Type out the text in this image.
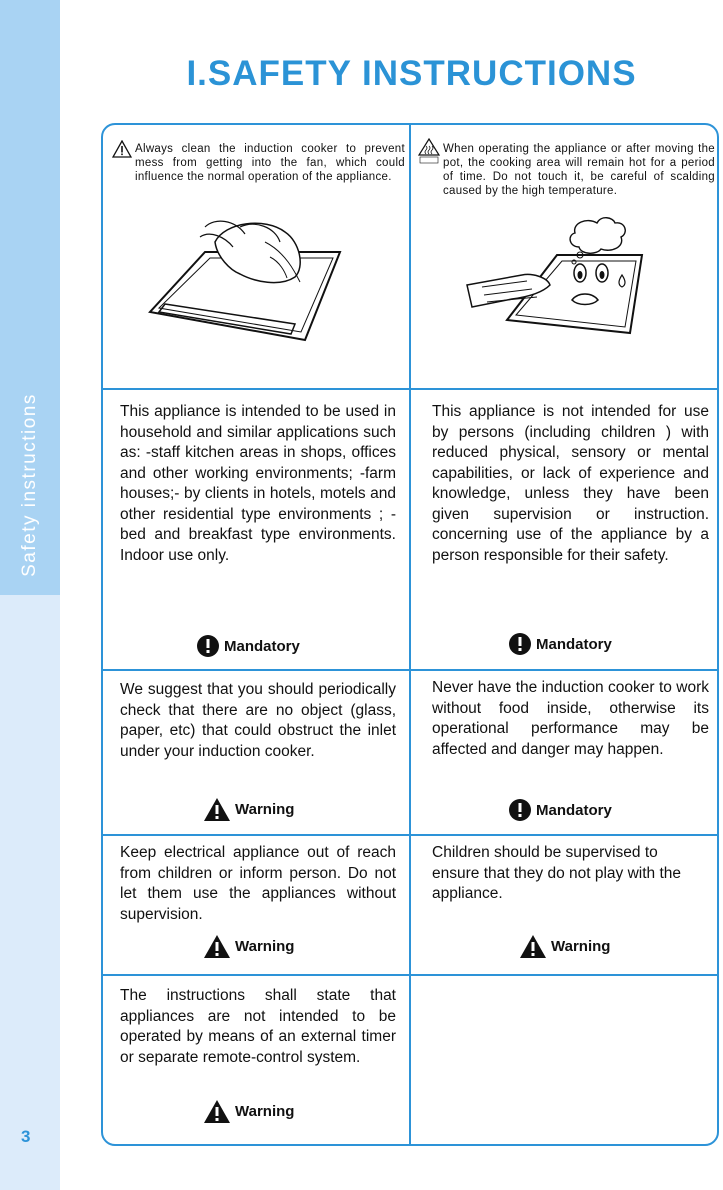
Safety instructions
3
I.SAFETY INSTRUCTIONS
Always clean the induction cooker to prevent mess from getting into the fan, which could influence the normal operation of the appliance.
When operating the appliance or after moving the pot, the cooking area will remain hot for a period of time. Do not touch it, be careful of scalding caused by the high temperature.
This appliance is intended to be used in household and similar applications such as: -staff kitchen areas in shops, offices and other working environments; -farm houses;- by clients in hotels, motels and other residential type environments ; -bed and breakfast type environments. Indoor use only.
Mandatory
This appliance is not intended for use by persons (including children ) with reduced physical, sensory or mental capabilities, or lack of experience and knowledge, unless they have been given supervision or instruction. concerning use of the appliance by a person responsible for their safety.
Mandatory
We suggest that you should periodically check that there are no object (glass, paper, etc) that could obstruct the inlet under your induction cooker.
Warning
Never have the induction cooker to work without food inside, otherwise its operational performance may be affected and danger may happen.
Mandatory
Keep electrical appliance out of reach from children or inform person. Do not let them use the appliances without supervision.
Warning
Children should be supervised to ensure that they do not play with the appliance.
Warning
The instructions shall state that appliances are not intended to be operated by means of an external timer or separate remote-control system.
Warning
